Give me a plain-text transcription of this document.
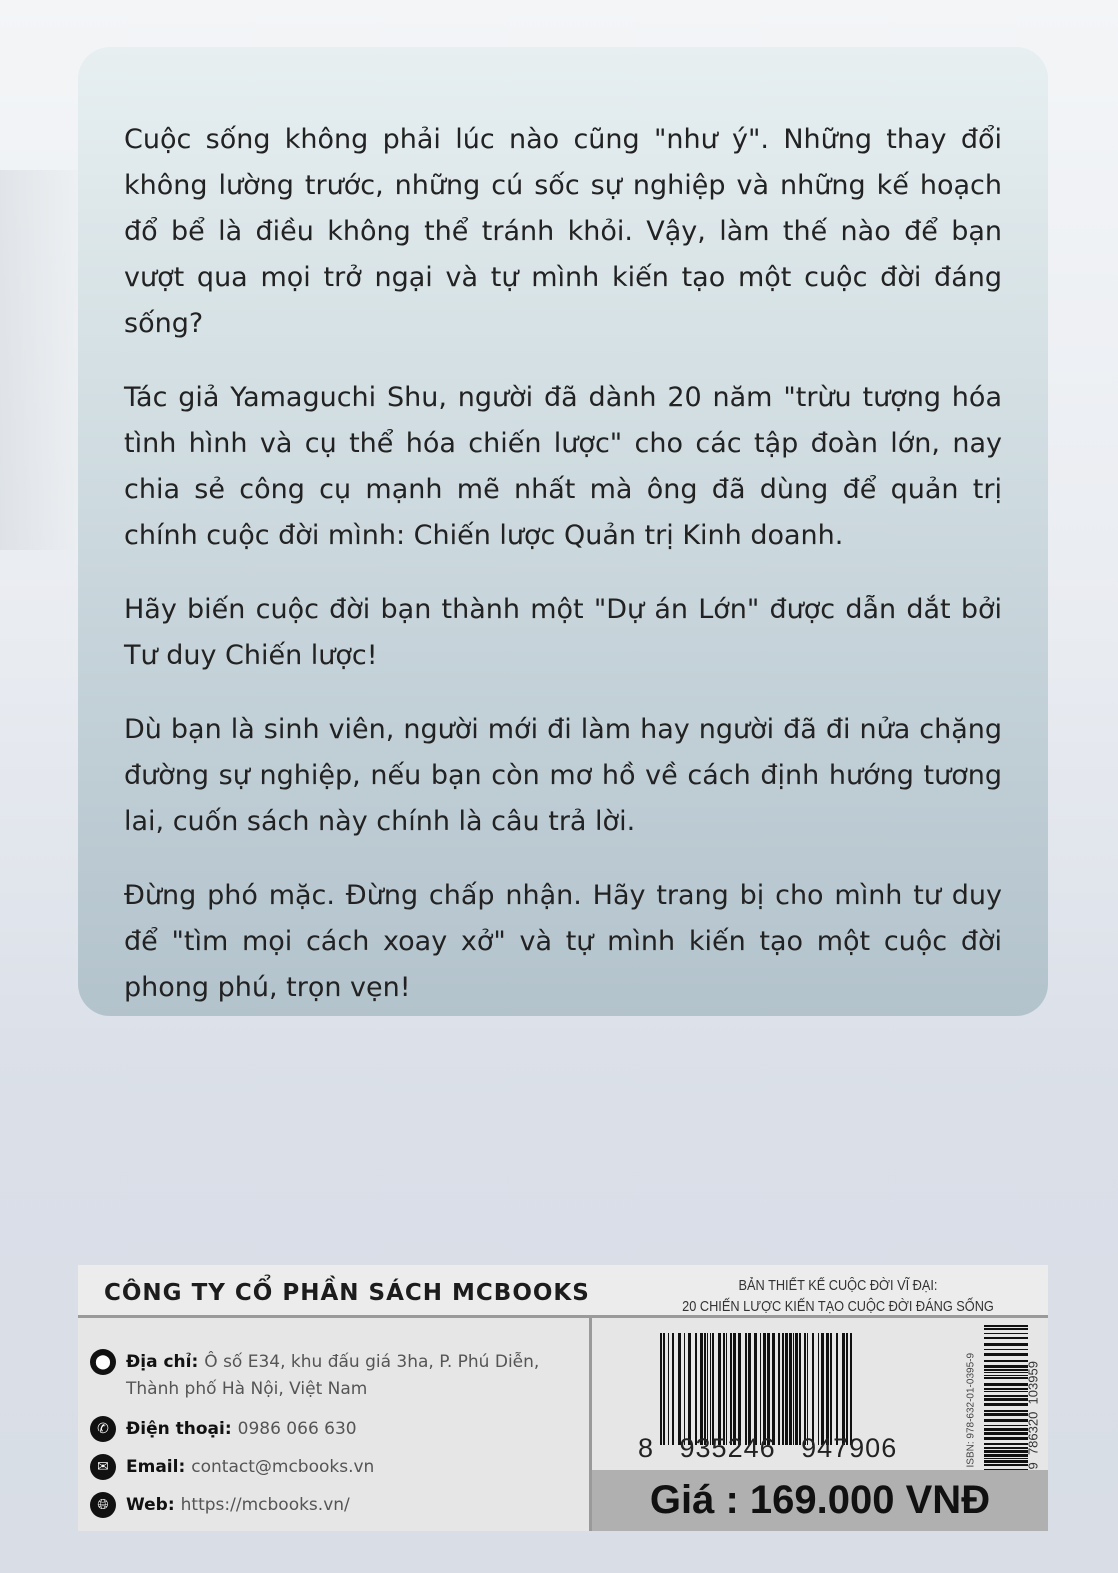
Cuộc sống không phải lúc nào cũng "như ý". Những thay đổi không lường trước, những cú sốc sự nghiệp và những kế hoạch đổ bể là điều không thể tránh khỏi. Vậy, làm thế nào để bạn vượt qua mọi trở ngại và tự mình kiến tạo một cuộc đời đáng sống?

Tác giả Yamaguchi Shu, người đã dành 20 năm "trừu tượng hóa tình hình và cụ thể hóa chiến lược" cho các tập đoàn lớn, nay chia sẻ công cụ mạnh mẽ nhất mà ông đã dùng để quản trị chính cuộc đời mình: Chiến lược Quản trị Kinh doanh.

Hãy biến cuộc đời bạn thành một "Dự án Lớn" được dẫn dắt bởi Tư duy Chiến lược!

Dù bạn là sinh viên, người mới đi làm hay người đã đi nửa chặng đường sự nghiệp, nếu bạn còn mơ hồ về cách định hướng tương lai, cuốn sách này chính là câu trả lời.

Đừng phó mặc. Đừng chấp nhận. Hãy trang bị cho mình tư duy để "tìm mọi cách xoay xở" và tự mình kiến tạo một cuộc đời phong phú, trọn vẹn!

CÔNG TY CỔ PHẦN SÁCH MCBOOKS	BẢN THIẾT KẾ CUỘC ĐỜI VĨ ĐẠI:
20 CHIẾN LƯỢC KIẾN TẠO CUỘC ĐỜI ĐÁNG SỐNG
⬤ Địa chỉ: Ô số E34, khu đấu giá 3ha, P. Phú Diễn, Thành phố Hà Nội, Việt Nam
✆	Điện thoại: 0986 066 630
✉	Email: contact@mcbooks.vn
🌐︎	Web: https://mcbooks.vn/
8   935246   947906	ISBN: 978-632-01-0395-9	9  786320  103959
Giá : 169.000 VNĐ
